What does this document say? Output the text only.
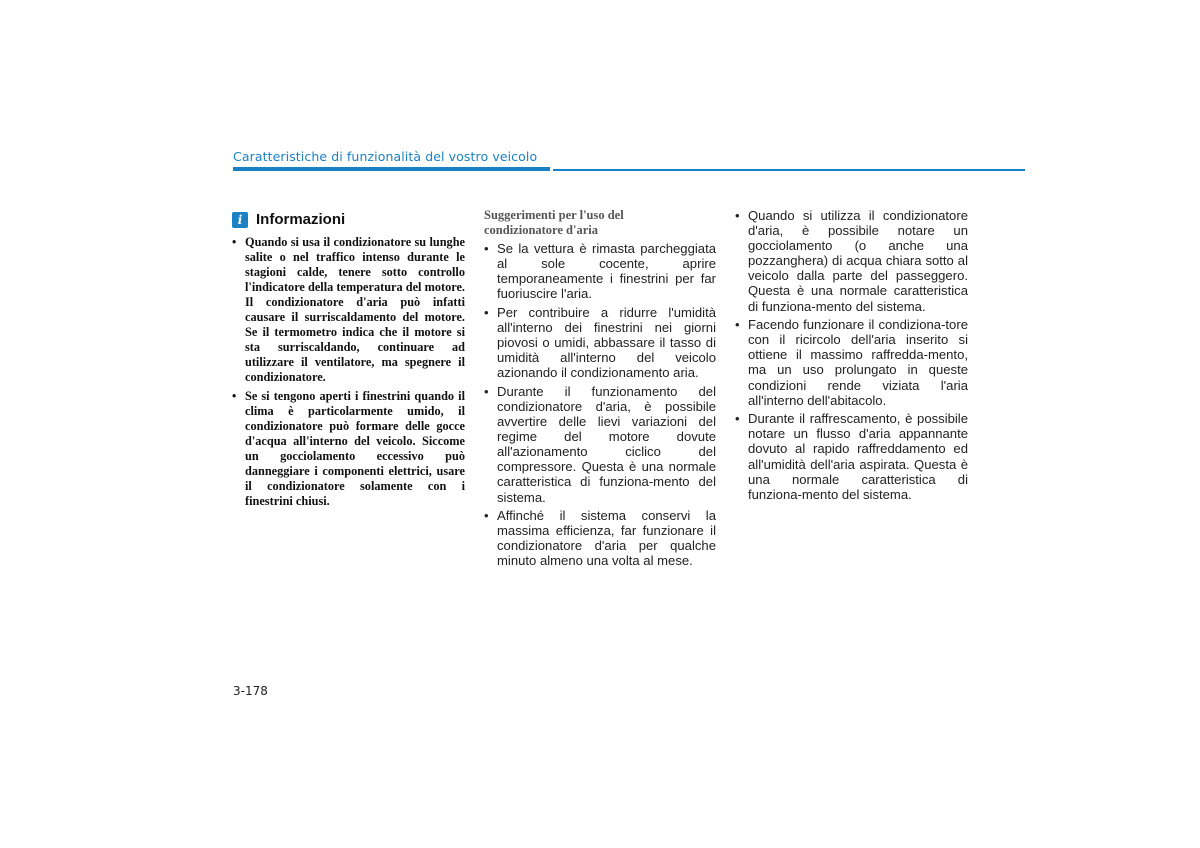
Caratteristiche di funzionalità del vostro veicolo
i Informazioni
• Quando si usa il condizionatore su lunghe salite o nel traffico intenso durante le stagioni calde, tenere sotto controllo l'indicatore della temperatura del motore. Il condizionatore d'aria può infatti causare il surriscaldamento del motore. Se il termometro indica che il motore si sta surriscaldando, continuare ad utilizzare il ventilatore, ma spegnere il condizionatore.
• Se si tengono aperti i finestrini quando il clima è particolarmente umido, il condizionatore può formare delle gocce d'acqua all'interno del veicolo. Siccome un gocciolamento eccessivo può danneggiare i componenti elettrici, usare il condizionatore solamente con i finestrini chiusi.
Suggerimenti per l'uso del condizionatore d'aria
• Se la vettura è rimasta parcheggiata al sole cocente, aprire temporaneamente i finestrini per far fuoriuscire l'aria.
• Per contribuire a ridurre l'umidità all'interno dei finestrini nei giorni piovosi o umidi, abbassare il tasso di umidità all'interno del veicolo azionando il condizionamento aria.
• Durante il funzionamento del condizionatore d'aria, è possibile avvertire delle lievi variazioni del regime del motore dovute all'azionamento ciclico del compressore. Questa è una normale caratteristica di funziona-mento del sistema.
• Affinché il sistema conservi la massima efficienza, far funzionare il condizionatore d'aria per qualche minuto almeno una volta al mese.
• Quando si utilizza il condizionatore d'aria, è possibile notare un gocciolamento (o anche una pozzanghera) di acqua chiara sotto al veicolo dalla parte del passeggero. Questa è una normale caratteristica di funziona-mento del sistema.
• Facendo funzionare il condiziona-tore con il ricircolo dell'aria inserito si ottiene il massimo raffredda-mento, ma un uso prolungato in queste condizioni rende viziata l'aria all'interno dell'abitacolo.
• Durante il raffrescamento, è possibile notare un flusso d'aria appannante dovuto al rapido raffreddamento ed all'umidità dell'aria aspirata. Questa è una normale caratteristica di funziona-mento del sistema.
3-178
